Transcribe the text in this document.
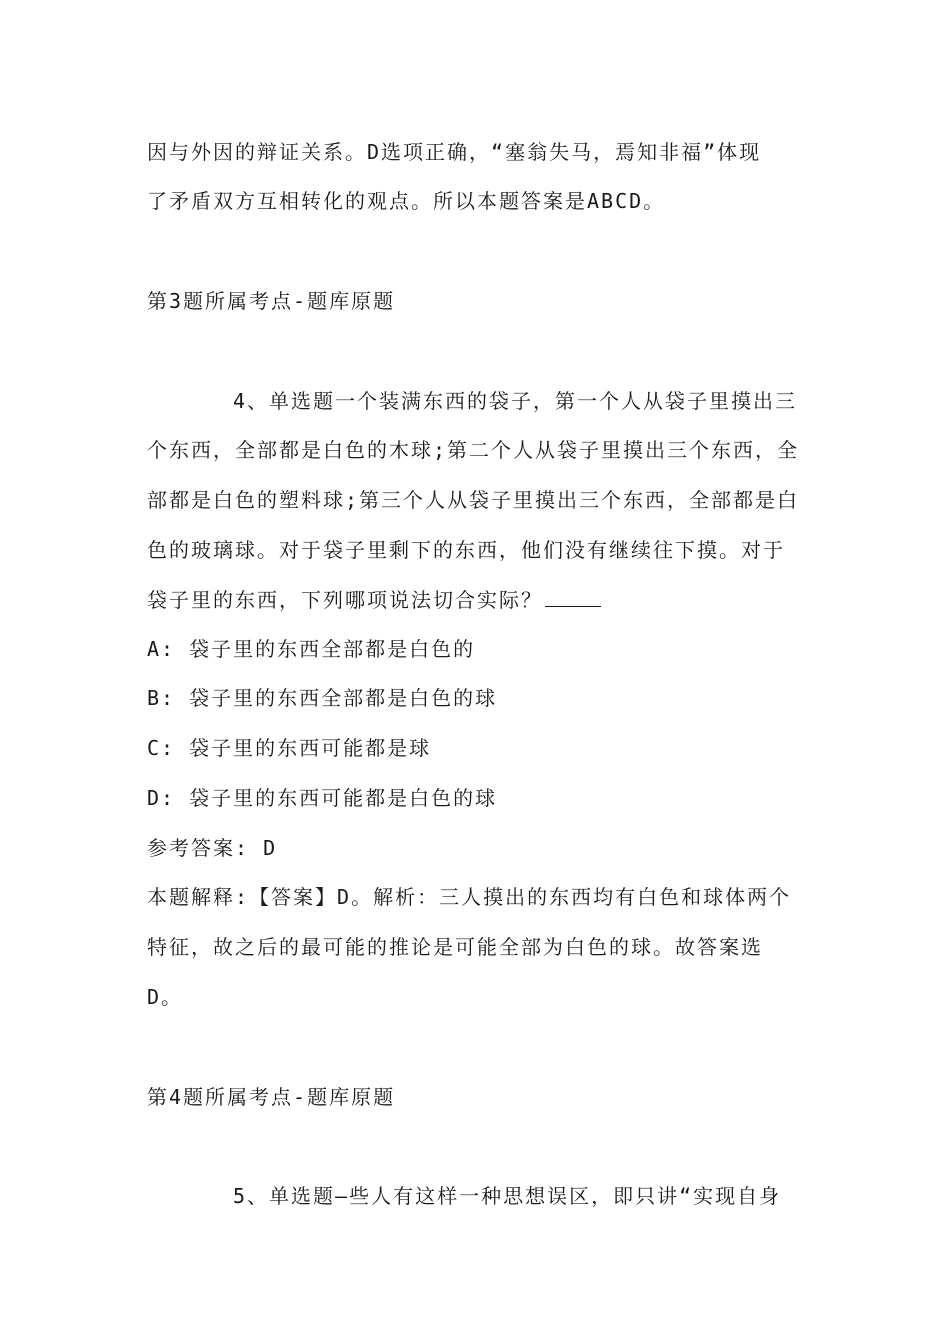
因与外因的辩证关系。D选项正确，“塞翁失马，焉知非福”体现
了矛盾双方互相转化的观点。所以本题答案是ABCD。
第3题所属考点-题库原题
4、单选题一个装满东西的袋子，第一个人从袋子里摸出三
个东西，全部都是白色的木球;第二个人从袋子里摸出三个东西，全
部都是白色的塑料球;第三个人从袋子里摸出三个东西，全部都是白
色的玻璃球。对于袋子里剩下的东西，他们没有继续往下摸。对于
袋子里的东西，下列哪项说法切合实际？
A: 袋子里的东西全部都是白色的
B: 袋子里的东西全部都是白色的球
C: 袋子里的东西可能都是球
D: 袋子里的东西可能都是白色的球
参考答案: D
本题解释:【答案】D。解析：三人摸出的东西均有白色和球体两个
特征，故之后的最可能的推论是可能全部为白色的球。故答案选
D。
第4题所属考点-题库原题
5、单选题—些人有这样一种思想误区，即只讲“实现自身
